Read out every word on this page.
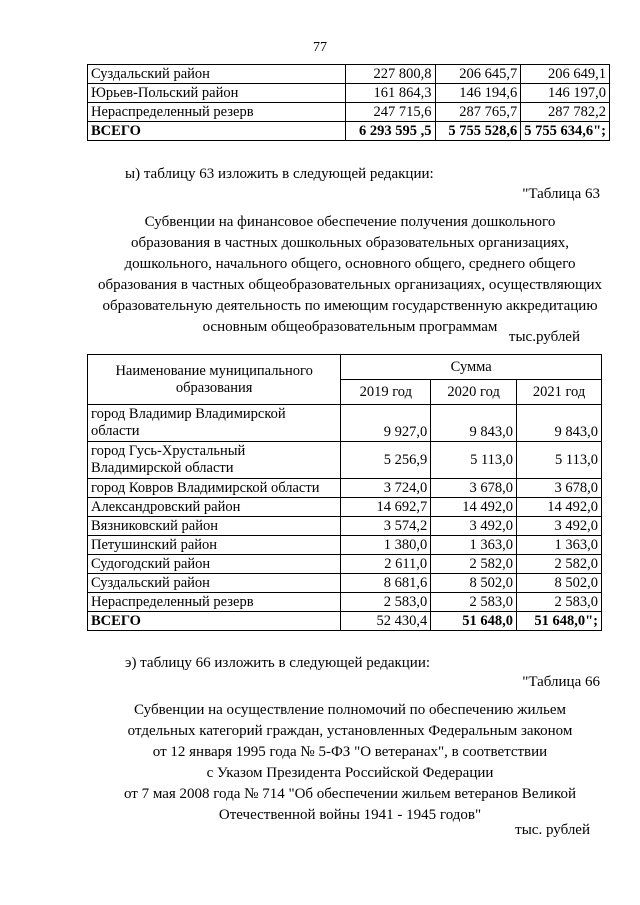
77
Суздальский район	227 800,8	206 645,7	206 649,1
Юрьев-Польский район	161 864,3	146 194,6	146 197,0
Нераспределенный резерв	247 715,6	287 765,7	287 782,2
ВСЕГО	6 293 595 ,5	5 755 528,6	5 755 634,6";
ы) таблицу 63 изложить в следующей редакции:
"Таблица 63
Субвенции на финансовое обеспечение получения дошкольного
образования в частных дошкольных образовательных организациях,
дошкольного, начального общего, основного общего, среднего общего
образования в частных общеобразовательных организациях, осуществляющих
образовательную деятельность по имеющим государственную аккредитацию
основным общеобразовательным программам
тыс.рублей
Наименование муниципального образования	Сумма		
	2019 год	2020 год	2021 год
город Владимир Владимирской области	9 927,0	9 843,0	9 843,0
город Гусь-Хрустальный Владимирской области	5 256,9	5 113,0	5 113,0
город Ковров Владимирской области	3 724,0	3 678,0	3 678,0
Александровский район	14 692,7	14 492,0	14 492,0
Вязниковский район	3 574,2	3 492,0	3 492,0
Петушинский район	1 380,0	1 363,0	1 363,0
Судогодский район	2 611,0	2 582,0	2 582,0
Суздальский район	8 681,6	8 502,0	8 502,0
Нераспределенный резерв	2 583,0	2 583,0	2 583,0
ВСЕГО	52 430,4	51 648,0	51 648,0";
э) таблицу 66 изложить в следующей редакции:
"Таблица 66
Субвенции на осуществление полномочий по обеспечению жильем
отдельных категорий граждан, установленных Федеральным законом
от 12 января 1995 года № 5-ФЗ "О ветеранах", в соответствии
с Указом Президента Российской Федерации
от 7 мая 2008 года № 714 "Об обеспечении жильем ветеранов Великой
Отечественной войны 1941 - 1945 годов"
тыс. рублей
